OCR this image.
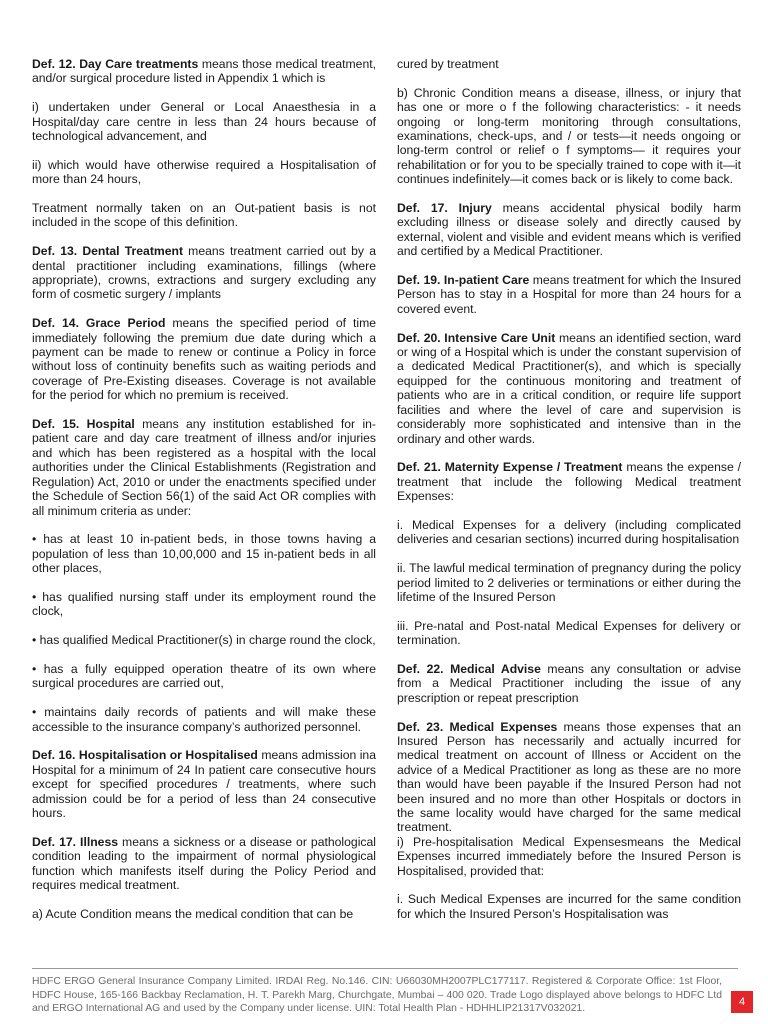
Def. 12. Day Care treatments means those medical treatment, and/or surgical procedure listed in Appendix 1 which is

i) undertaken under General or Local Anaesthesia in a Hospital/day care centre in less than 24 hours because of technological advancement, and

ii) which would have otherwise required a Hospitalisation of more than 24 hours,

Treatment normally taken on an Out-patient basis is not included in the scope of this definition.

Def. 13. Dental Treatment means treatment carried out by a dental practitioner including examinations, fillings (where appropriate), crowns, extractions and surgery excluding any form of cosmetic surgery / implants

Def. 14. Grace Period means the specified period of time immediately following the premium due date during which a payment can be made to renew or continue a Policy in force without loss of continuity benefits such as waiting periods and coverage of Pre-Existing diseases. Coverage is not available for the period for which no premium is received.

Def. 15. Hospital means any institution established for in-patient care and day care treatment of illness and/or injuries and which has been registered as a hospital with the local authorities under the Clinical Establishments (Registration and Regulation) Act, 2010 or under the enactments specified under the Schedule of Section 56(1) of the said Act OR complies with all minimum criteria as under:

• has at least 10 in-patient beds, in those towns having a population of less than 10,00,000 and 15 in-patient beds in all other places,

• has qualified nursing staff under its employment round the clock,

• has qualified Medical Practitioner(s) in charge round the clock,

• has a fully equipped operation theatre of its own where surgical procedures are carried out,

• maintains daily records of patients and will make these accessible to the insurance company’s authorized personnel.

Def. 16. Hospitalisation or Hospitalised means admission ina Hospital for a minimum of 24 In patient care consecutive hours except for specified procedures / treatments, where such admission could be for a period of less than 24 consecutive hours.

Def. 17. Illness means a sickness or a disease or pathological condition leading to the impairment of normal physiological function which manifests itself during the Policy Period and requires medical treatment.

a) Acute Condition means the medical condition that can be

cured by treatment

b) Chronic Condition means a disease, illness, or injury that has one or more o f the following characteristics: - it needs ongoing or long-term monitoring through consultations, examinations, check-ups, and / or tests—it needs ongoing or long-term control or relief o f symptoms— it requires your rehabilitation or for you to be specially trained to cope with it—it continues indefinitely—it comes back or is likely to come back.

Def. 17. Injury means accidental physical bodily harm excluding illness or disease solely and directly caused by external, violent and visible and evident means which is verified and certified by a Medical Practitioner.

Def. 19. In-patient Care means treatment for which the Insured Person has to stay in a Hospital for more than 24 hours for a covered event.

Def. 20. Intensive Care Unit means an identified section, ward or wing of a Hospital which is under the constant supervision of a dedicated Medical Practitioner(s), and which is specially equipped for the continuous monitoring and treatment of patients who are in a critical condition, or require life support facilities and where the level of care and supervision is considerably more sophisticated and intensive than in the ordinary and other wards.

Def. 21. Maternity Expense / Treatment means the expense / treatment that include the following Medical treatment Expenses:

i. Medical Expenses for a delivery (including complicated deliveries and cesarian sections) incurred during hospitalisation

ii. The lawful medical termination of pregnancy during the policy period limited to 2 deliveries or terminations or either during the lifetime of the Insured Person

iii. Pre-natal and Post-natal Medical Expenses for delivery or termination.

Def. 22. Medical Advise means any consultation or advise from a Medical Practitioner including the issue of any prescription or repeat prescription

Def. 23. Medical Expenses means those expenses that an Insured Person has necessarily and actually incurred for medical treatment on account of Illness or Accident on the advice of a Medical Practitioner as long as these are no more than would have been payable if the Insured Person had not been insured and no more than other Hospitals or doctors in the same locality would have charged for the same medical treatment.

i) Pre-hospitalisation Medical Expensesmeans the Medical Expenses incurred immediately before the Insured Person is Hospitalised, provided that:

i. Such Medical Expenses are incurred for the same condition for which the Insured Person’s Hospitalisation was

HDFC ERGO General Insurance Company Limited. IRDAI Reg. No.146. CIN: U66030MH2007PLC177117. Registered & Corporate Office: 1st Floor, HDFC House, 165-166 Backbay Reclamation, H. T. Parekh Marg, Churchgate, Mumbai – 400 020. Trade Logo displayed above belongs to HDFC Ltd and ERGO International AG and used by the Company under license. UIN: Total Health Plan - HDHHLIP21317V032021.
4
